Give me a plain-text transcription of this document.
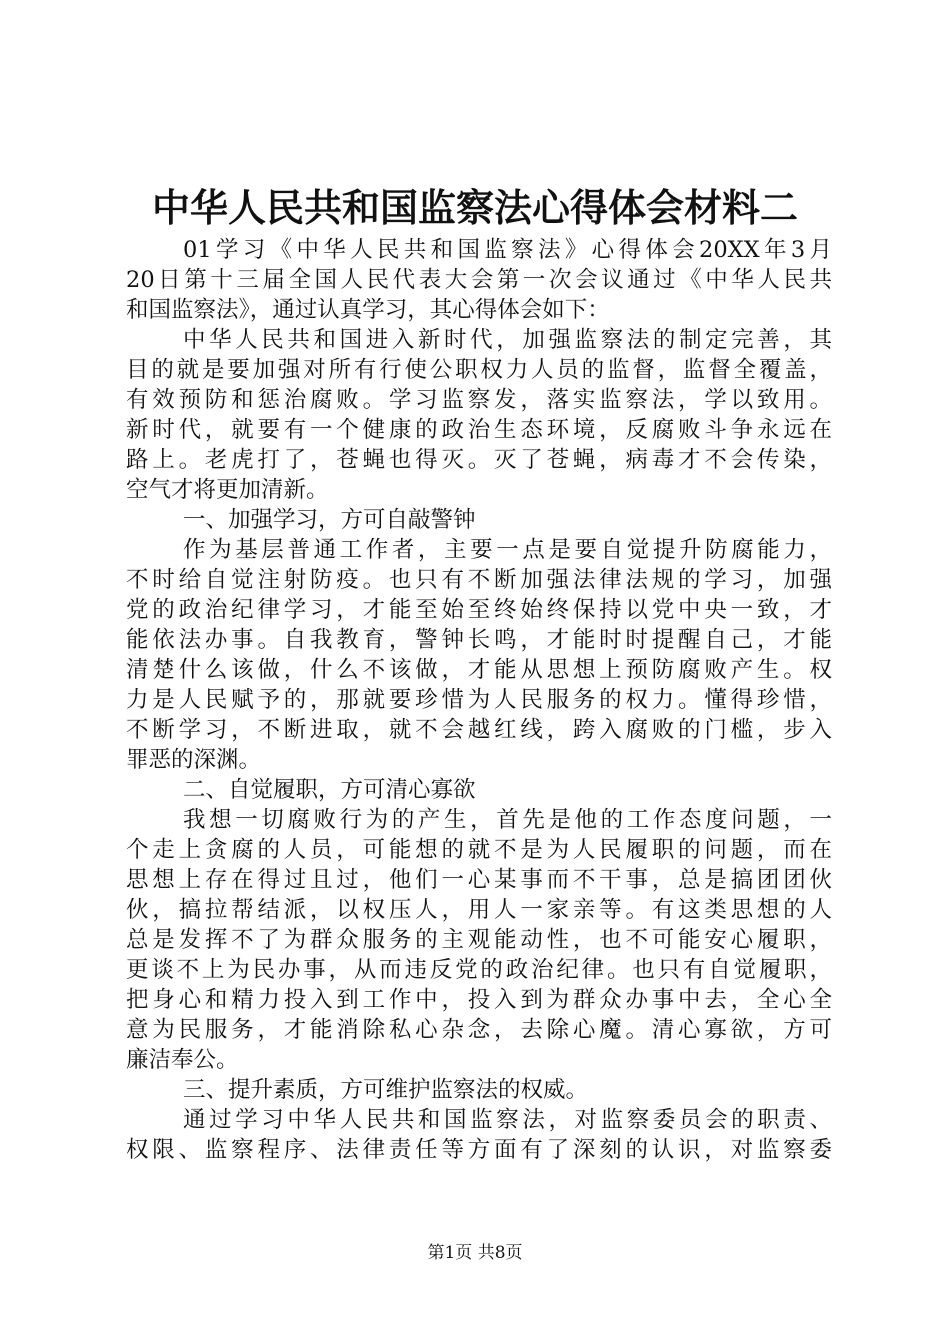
中华人民共和国监察法心得体会材料二
01学习《中华人民共和国监察法》心得体会20XX年3月
20日第十三届全国人民代表大会第一次会议通过《中华人民共
和国监察法》，通过认真学习，其心得体会如下：
中华人民共和国进入新时代，加强监察法的制定完善，其
目的就是要加强对所有行使公职权力人员的监督，监督全覆盖，
有效预防和惩治腐败。学习监察发，落实监察法，学以致用。
新时代，就要有一个健康的政治生态环境，反腐败斗争永远在
路上。老虎打了，苍蝇也得灭。灭了苍蝇，病毒才不会传染，
空气才将更加清新。
一、加强学习，方可自敲警钟
作为基层普通工作者，主要一点是要自觉提升防腐能力，
不时给自觉注射防疫。也只有不断加强法律法规的学习，加强
党的政治纪律学习，才能至始至终始终保持以党中央一致，才
能依法办事。自我教育，警钟长鸣，才能时时提醒自己，才能
清楚什么该做，什么不该做，才能从思想上预防腐败产生。权
力是人民赋予的，那就要珍惜为人民服务的权力。懂得珍惜，
不断学习，不断进取，就不会越红线，跨入腐败的门槛，步入
罪恶的深渊。
二、自觉履职，方可清心寡欲
我想一切腐败行为的产生，首先是他的工作态度问题，一
个走上贪腐的人员，可能想的就不是为人民履职的问题，而在
思想上存在得过且过，他们一心某事而不干事，总是搞团团伙
伙，搞拉帮结派，以权压人，用人一家亲等。有这类思想的人
总是发挥不了为群众服务的主观能动性，也不可能安心履职，
更谈不上为民办事，从而违反党的政治纪律。也只有自觉履职，
把身心和精力投入到工作中，投入到为群众办事中去，全心全
意为民服务，才能消除私心杂念，去除心魔。清心寡欲，方可
廉洁奉公。
三、提升素质，方可维护监察法的权威。
通过学习中华人民共和国监察法，对监察委员会的职责、
权限、监察程序、法律责任等方面有了深刻的认识，对监察委
第1页 共8页
